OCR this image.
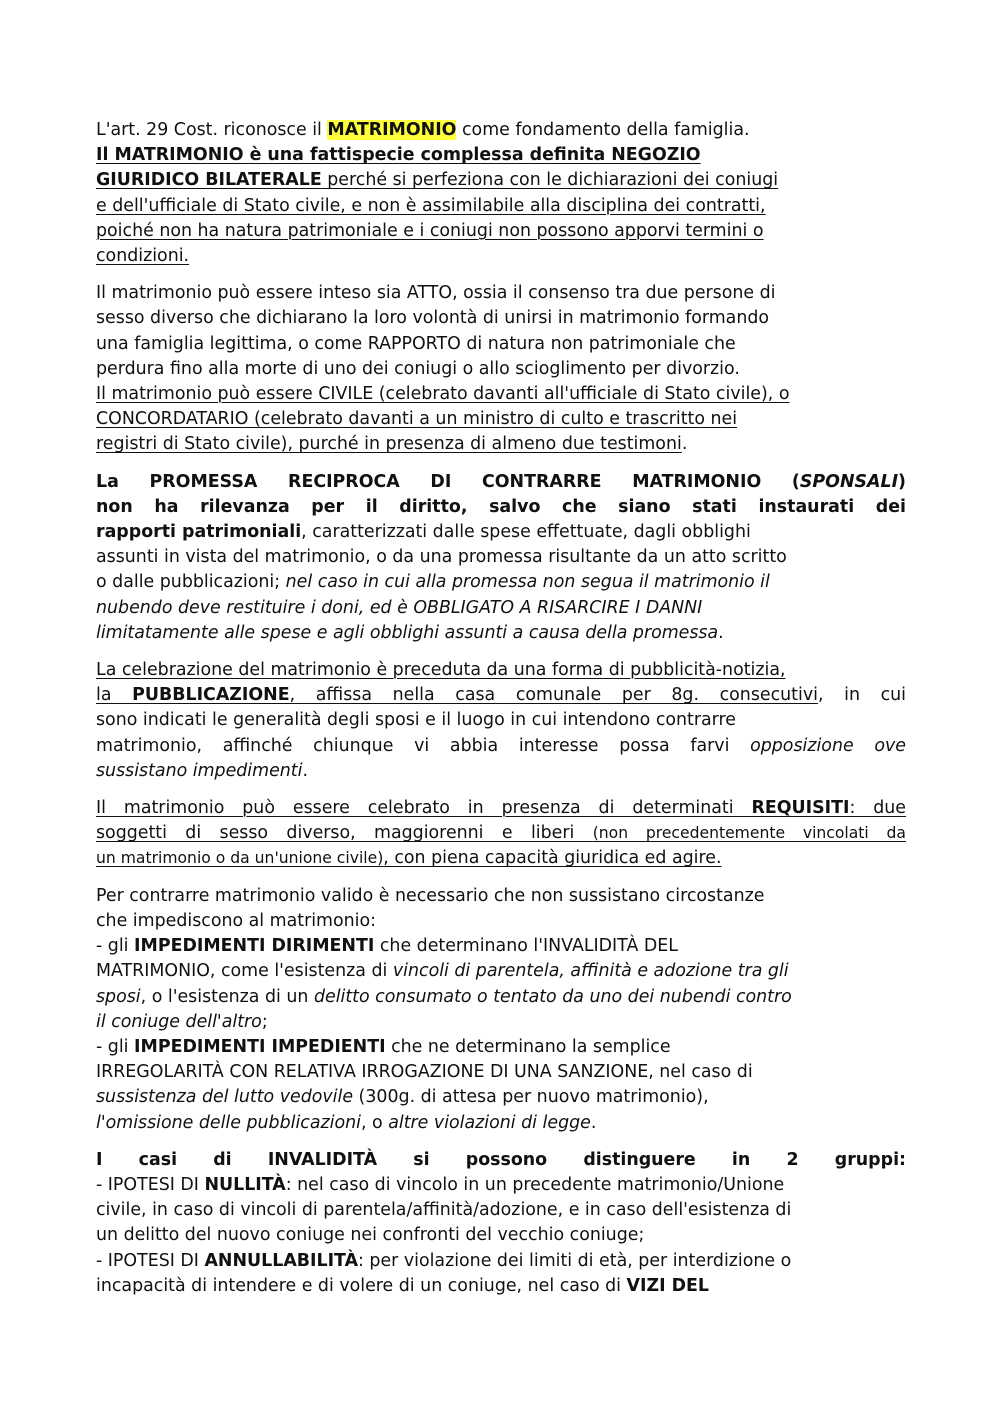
L'art. 29 Cost. riconosce il MATRIMONIO come fondamento della famiglia.
Il MATRIMONIO è una fattispecie complessa definita NEGOZIO
GIURIDICO BILATERALE perché si perfeziona con le dichiarazioni dei coniugi
e dell'ufficiale di Stato civile, e non è assimilabile alla disciplina dei contratti,
poiché non ha natura patrimoniale e i coniugi non possono apporvi termini o
condizioni.
Il matrimonio può essere inteso sia ATTO, ossia il consenso tra due persone di
sesso diverso che dichiarano la loro volontà di unirsi in matrimonio formando
una famiglia legittima, o come RAPPORTO di natura non patrimoniale che
perdura fino alla morte di uno dei coniugi o allo scioglimento per divorzio.
Il matrimonio può essere CIVILE (celebrato davanti all'ufficiale di Stato civile), o
CONCORDATARIO (celebrato davanti a un ministro di culto e trascritto nei
registri di Stato civile), purché in presenza di almeno due testimoni.
La PROMESSA RECIPROCA DI CONTRARRE MATRIMONIO (SPONSALI)
non ha rilevanza per il diritto, salvo che siano stati instaurati dei
rapporti patrimoniali, caratterizzati dalle spese effettuate, dagli obblighi
assunti in vista del matrimonio, o da una promessa risultante da un atto scritto
o dalle pubblicazioni; nel caso in cui alla promessa non segua il matrimonio il
nubendo deve restituire i doni, ed è OBBLIGATO A RISARCIRE I DANNI
limitatamente alle spese e agli obblighi assunti a causa della promessa.
La celebrazione del matrimonio è preceduta da una forma di pubblicità-notizia,
la PUBBLICAZIONE, affissa nella casa comunale per 8g. consecutivi, in cui
sono indicati le generalità degli sposi e il luogo in cui intendono contrarre
matrimonio, affinché chiunque vi abbia interesse possa farvi opposizione ove
sussistano impedimenti.
Il matrimonio può essere celebrato in presenza di determinati REQUISITI: due
soggetti di sesso diverso, maggiorenni e liberi (non precedentemente vincolati da
un matrimonio o da un'unione civile), con piena capacità giuridica ed agire.
Per contrarre matrimonio valido è necessario che non sussistano circostanze
che impediscono al matrimonio:
- gli IMPEDIMENTI DIRIMENTI che determinano l'INVALIDITÀ DEL
MATRIMONIO, come l'esistenza di vincoli di parentela, affinità e adozione tra gli
sposi, o l'esistenza di un delitto consumato o tentato da uno dei nubendi contro
il coniuge dell'altro;
- gli IMPEDIMENTI IMPEDIENTI che ne determinano la semplice
IRREGOLARITÀ CON RELATIVA IRROGAZIONE DI UNA SANZIONE, nel caso di
sussistenza del lutto vedovile (300g. di attesa per nuovo matrimonio),
l'omissione delle pubblicazioni, o altre violazioni di legge.
I casi di INVALIDITÀ si possono distinguere in 2 gruppi:
- IPOTESI DI NULLITÀ: nel caso di vincolo in un precedente matrimonio/Unione
civile, in caso di vincoli di parentela/affinità/adozione, e in caso dell'esistenza di
un delitto del nuovo coniuge nei confronti del vecchio coniuge;
- IPOTESI DI ANNULLABILITÀ: per violazione dei limiti di età, per interdizione o
incapacità di intendere e di volere di un coniuge, nel caso di VIZI DEL
